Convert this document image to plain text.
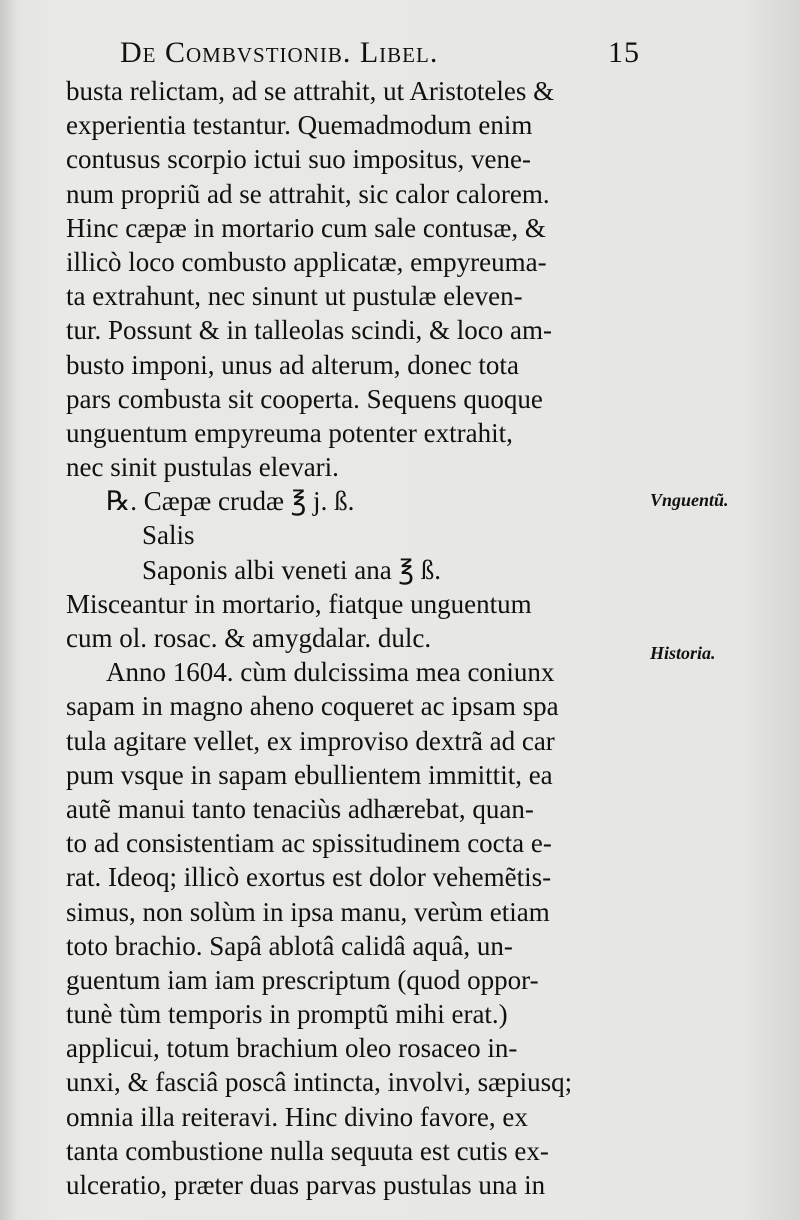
De Combvstionib. Libel.	15
busta relictam, ad se attrahit, ut Aristoteles &
experientia testantur. Quemadmodum enim
contusus scorpio ictui suo impositus, vene-
num propriũ ad se attrahit, sic calor calorem.
Hinc cæpæ in mortario cum sale contusæ, &
illicò loco combusto applicatæ, empyreuma-
ta extrahunt, nec sinunt ut pustulæ eleven-
tur. Possunt & in talleolas scindi, & loco am-
busto imponi, unus ad alterum, donec tota
pars combusta sit cooperta. Sequens quoque
unguentum empyreuma potenter extrahit,
nec sinit pustulas elevari.
℞. Cæpæ crudæ ℥ j. ß.
Salis
Saponis albi veneti ana ℥ ß.
Misceantur in mortario, fiatque unguentum
cum ol. rosac. & amygdalar. dulc.
Anno 1604. cùm dulcissima mea coniunx
sapam in magno aheno coqueret ac ipsam spa
tula agitare vellet, ex improviso dextrã ad car
pum vsque in sapam ebullientem immittit, ea
autẽ manui tanto tenaciùs adhærebat, quan-
to ad consistentiam ac spissitudinem cocta e-
rat. Ideoq; illicò exortus est dolor vehemẽtis-
simus, non solùm in ipsa manu, verùm etiam
toto brachio. Sapâ ablotâ calidâ aquâ, un-
guentum iam iam prescriptum (quod oppor-
tunè tùm temporis in promptũ mihi erat.)
applicui, totum brachium oleo rosaceo in-
unxi, & fasciâ poscâ intincta, involvi, sæpiusq;
omnia illa reiteravi. Hinc divino favore, ex
tanta combustione nulla sequuta est cutis ex-
ulceratio, præter duas parvas pustulas una in
Vnguentũ.
Historia.
